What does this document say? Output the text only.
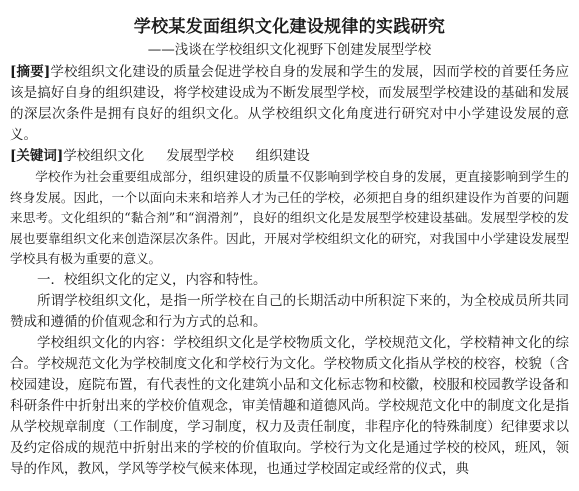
学校某发面组织文化建设规律的实践研究
——浅谈在学校组织文化视野下创建发展型学校

[摘要]学校组织文化建设的质量会促进学校自身的发展和学生的发展，因而学校的首要任务应该是搞好自身的组织建设，将学校建设成为不断发展型学校，而发展型学校建设的基础和发展的深层次条件是拥有良好的组织文化。从学校组织文化角度进行研究对中小学建设发展的意义。

[关键词]学校组织文化 发展型学校 组织建设

学校作为社会重要组成部分，组织建设的质量不仅影响到学校自身的发展，更直接影响到学生的终身发展。因此，一个以面向未来和培养人才为己任的学校，必须把自身的组织建设作为首要的问题来思考。文化组织的“黏合剂”和“润滑剂”，良好的组织文化是发展型学校建设基础。发展型学校的发展也要靠组织文化来创造深层次条件。因此，开展对学校组织文化的研究，对我国中小学建设发展型学校具有极为重要的意义。

一．校组织文化的定义，内容和特性。

所谓学校组织文化，是指一所学校在自己的长期活动中所积淀下来的，为全校成员所共同赞成和遵循的价值观念和行为方式的总和。

学校组织文化的内容：学校组织文化是学校物质文化，学校规范文化，学校精神文化的综合。学校规范文化为学校制度文化和学校行为文化。学校物质文化指从学校的校容，校貌（含校园建设，庭院布置，有代表性的文化建筑小品和文化标志物和校徽，校服和校园教学设备和科研条件中折射出来的学校价值观念，审美情趣和道德风尚。学校规范文化中的制度文化是指从学校规章制度（工作制度，学习制度，权力及责任制度，非程序化的特殊制度）纪律要求以及约定俗成的规范中折射出来的学校的价值取向。学校行为文化是通过学校的校风，班风，领导的作风，教风，学风等学校气候来体现，也通过学校固定或经常的仪式，典
